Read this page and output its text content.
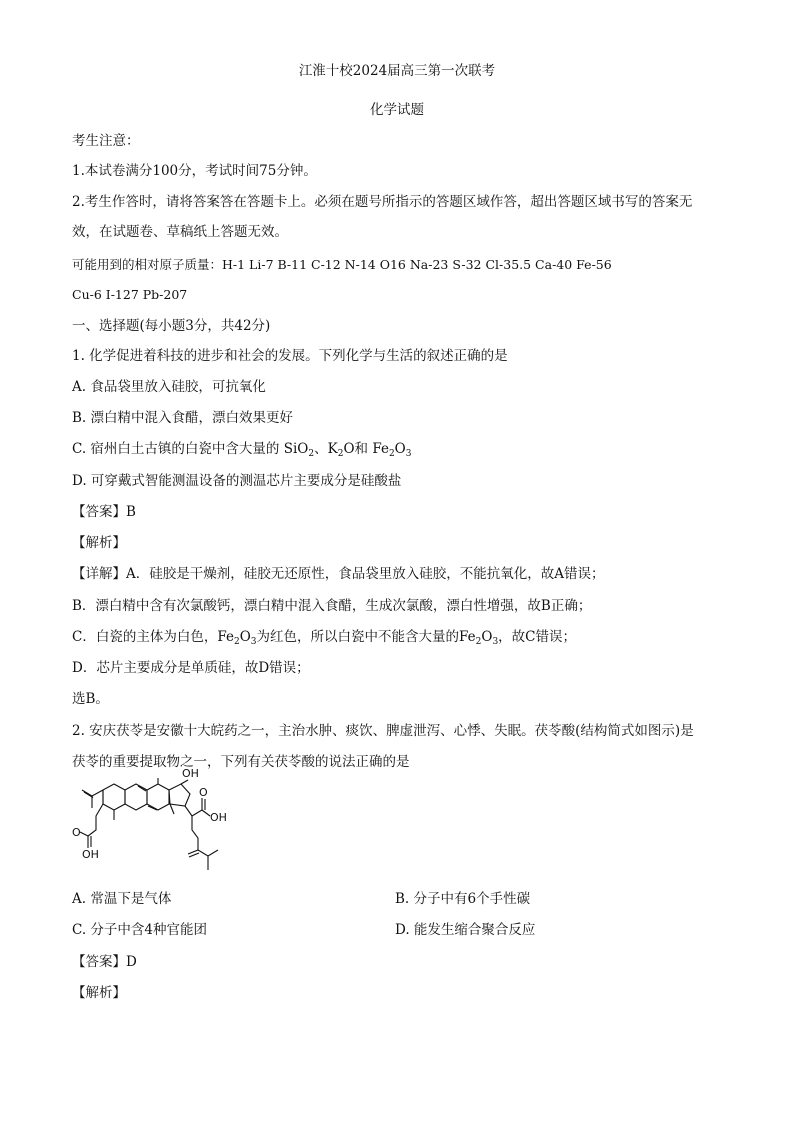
江淮十校2024届高三第一次联考
化学试题
考生注意：
1.本试卷满分100分，考试时间75分钟。
2.考生作答时，请将答案答在答题卡上。必须在题号所指示的答题区域作答，超出答题区域书写的答案无
效，在试题卷、草稿纸上答题无效。
可能用到的相对原子质量：H-1 Li-7 B-11 C-12 N-14 O16 Na-23 S-32 Cl-35.5 Ca-40 Fe-56
Cu-6 I-127 Pb-207
一、选择题(每小题3分，共42分)
1. 化学促进着科技的进步和社会的发展。下列化学与生活的叙述正确的是
A. 食品袋里放入硅胶，可抗氧化
B. 漂白精中混入食醋，漂白效果更好
C. 宿州白土古镇的白瓷中含大量的 SiO$_2$、$K_2O$和 $Fe_2O_3$
D. 可穿戴式智能测温设备的测温芯片主要成分是硅酸盐
【答案】B
【解析】
【详解】A．硅胶是干燥剂，硅胶无还原性，食品袋里放入硅胶，不能抗氧化，故A错误；
B．漂白精中含有次氯酸钙，漂白精中混入食醋，生成次氯酸，漂白性增强，故B正确；
C．白瓷的主体为白色，$Fe_2O_3$为红色，所以白瓷中不能含大量的$Fe_2O_3$，故C错误；
D．芯片主要成分是单质硅，故D错误；
选B。
2. 安庆茯苓是安徽十大皖药之一，主治水肿、痰饮、脾虚泄泻、心悸、失眠。茯苓酸(结构简式如图示)是
茯苓的重要提取物之一，下列有关茯苓酸的说法正确的是
OH
O
OH
O
OH
A. 常温下是气体	B. 分子中有6个手性碳
C. 分子中含4种官能团	D. 能发生缩合聚合反应
【答案】D
【解析】
